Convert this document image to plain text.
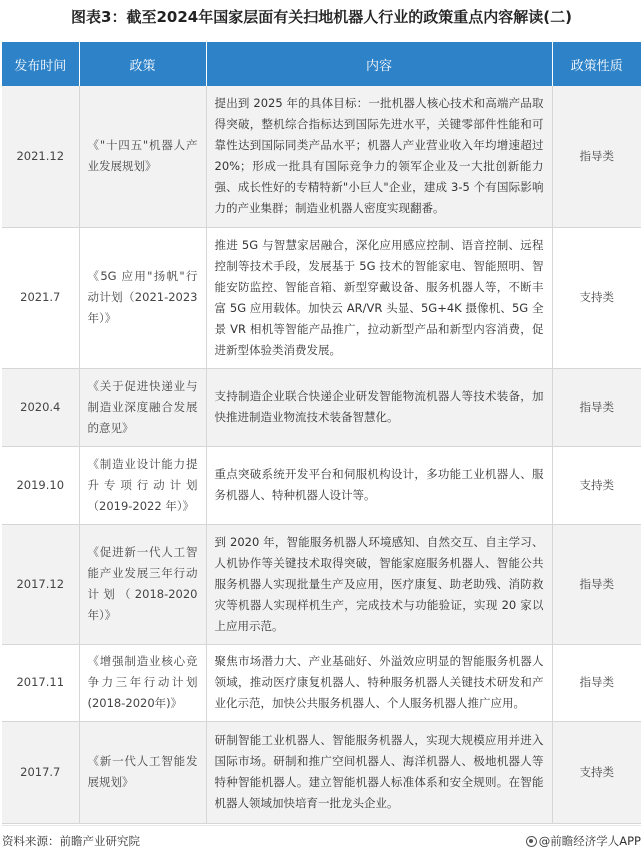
图表3：截至2024年国家层面有关扫地机器人行业的政策重点内容解读(二)
发布时间	政策	内容	政策性质
2021.12	《"十四五"机器人产业发展规划》	提出到 2025 年的具体目标：一批机器人核心技术和高端产品取得突破，整机综合指标达到国际先进水平，关键零部件性能和可靠性达到国际同类产品水平；机器人产业营业收入年均增速超过20%；形成一批具有国际竞争力的领军企业及一大批创新能力强、成长性好的专精特新"小巨人"企业，建成 3-5 个有国际影响力的产业集群；制造业机器人密度实现翻番。	指导类
2021.7	《5G 应用"扬帆"行动计划（2021-2023年）》	推进 5G 与智慧家居融合，深化应用感应控制、语音控制、远程控制等技术手段，发展基于 5G 技术的智能家电、智能照明、智能安防监控、智能音箱、新型穿戴设备、服务机器人等，不断丰富 5G 应用载体。加快云 AR/VR 头显、5G+4K 摄像机、5G 全景 VR 相机等智能产品推广，拉动新型产品和新型内容消费，促进新型体验类消费发展。	支持类
2020.4	《关于促进快递业与制造业深度融合发展的意见》	支持制造企业联合快递企业研发智能物流机器人等技术装备，加快推进制造业物流技术装备智慧化。	指导类
2019.10	《制造业设计能力提升专项行动计划（2019-2022 年）》	重点突破系统开发平台和伺服机构设计，多功能工业机器人、服务机器人、特种机器人设计等。	支持类
2017.12	《促进新一代人工智能产业发展三年行动计划（2018-2020年）》	到 2020 年，智能服务机器人环境感知、自然交互、自主学习、人机协作等关键技术取得突破，智能家庭服务机器人、智能公共服务机器人实现批量生产及应用，医疗康复、助老助残、消防救灾等机器人实现样机生产，完成技术与功能验证，实现 20 家以上应用示范。	指导类
2017.11	《增强制造业核心竞争力三年行动计划(2018-2020年)》	聚焦市场潜力大、产业基础好、外溢效应明显的智能服务机器人领域，推动医疗康复机器人、特种服务机器人关键技术研发和产业化示范，加快公共服务机器人、个人服务机器人推广应用。	指导类
2017.7	《新一代人工智能发展规划》	研制智能工业机器人、智能服务机器人，实现大规模应用并进入国际市场。研制和推广空间机器人、海洋机器人、极地机器人等特种智能机器人。建立智能机器人标准体系和安全规则。在智能机器人领域加快培育一批龙头企业。	支持类
资料来源：前瞻产业研究院	@前瞻经济学人APP
